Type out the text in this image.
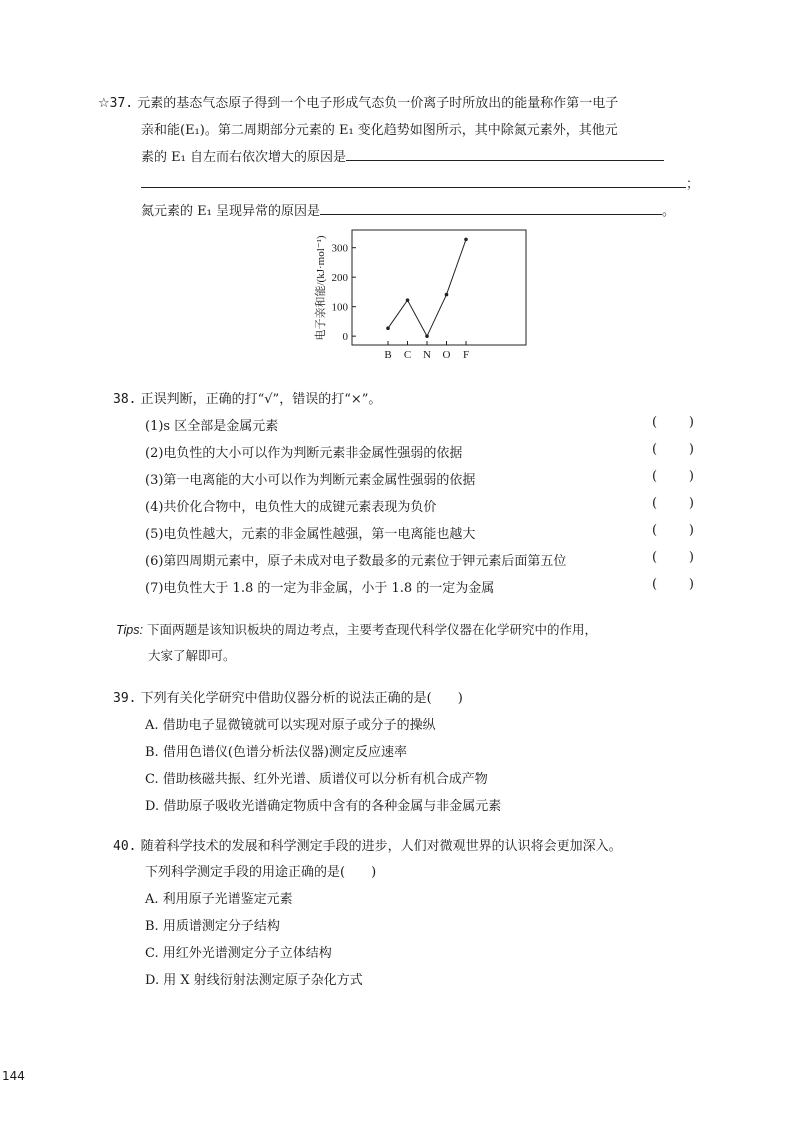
☆37. 元素的基态气态原子得到一个电子形成气态负一价离子时所放出的能量称作第一电子
亲和能(E₁)。第二周期部分元素的 E₁ 变化趋势如图所示，其中除氮元素外，其他元
素的 E₁ 自左而右依次增大的原因是
；
氮元素的 E₁ 呈现异常的原因是	。
电子亲和能/(kJ·mol⁻¹) 0
100
200
300
B C N O F
38. 正误判断，正确的打“√”，错误的打“×”。
(1)s 区全部是金属元素	( )
(2)电负性的大小可以作为判断元素非金属性强弱的依据	( )
(3)第一电离能的大小可以作为判断元素金属性强弱的依据	( )
(4)共价化合物中，电负性大的成键元素表现为负价	( )
(5)电负性越大，元素的非金属性越强，第一电离能也越大	( )
(6)第四周期元素中，原子未成对电子数最多的元素位于钾元素后面第五位	( )
(7)电负性大于 1.8 的一定为非金属，小于 1.8 的一定为金属	( )
Tips: 下面两题是该知识板块的周边考点，主要考查现代科学仪器在化学研究中的作用，
大家了解即可。
39. 下列有关化学研究中借助仪器分析的说法正确的是(　　)
A. 借助电子显微镜就可以实现对原子或分子的操纵
B. 借用色谱仪(色谱分析法仪器)测定反应速率
C. 借助核磁共振、红外光谱、质谱仪可以分析有机合成产物
D. 借助原子吸收光谱确定物质中含有的各种金属与非金属元素
40. 随着科学技术的发展和科学测定手段的进步，人们对微观世界的认识将会更加深入。
下列科学测定手段的用途正确的是(　　)
A. 利用原子光谱鉴定元素
B. 用质谱测定分子结构
C. 用红外光谱测定分子立体结构
D. 用 X 射线衍射法测定原子杂化方式
144
